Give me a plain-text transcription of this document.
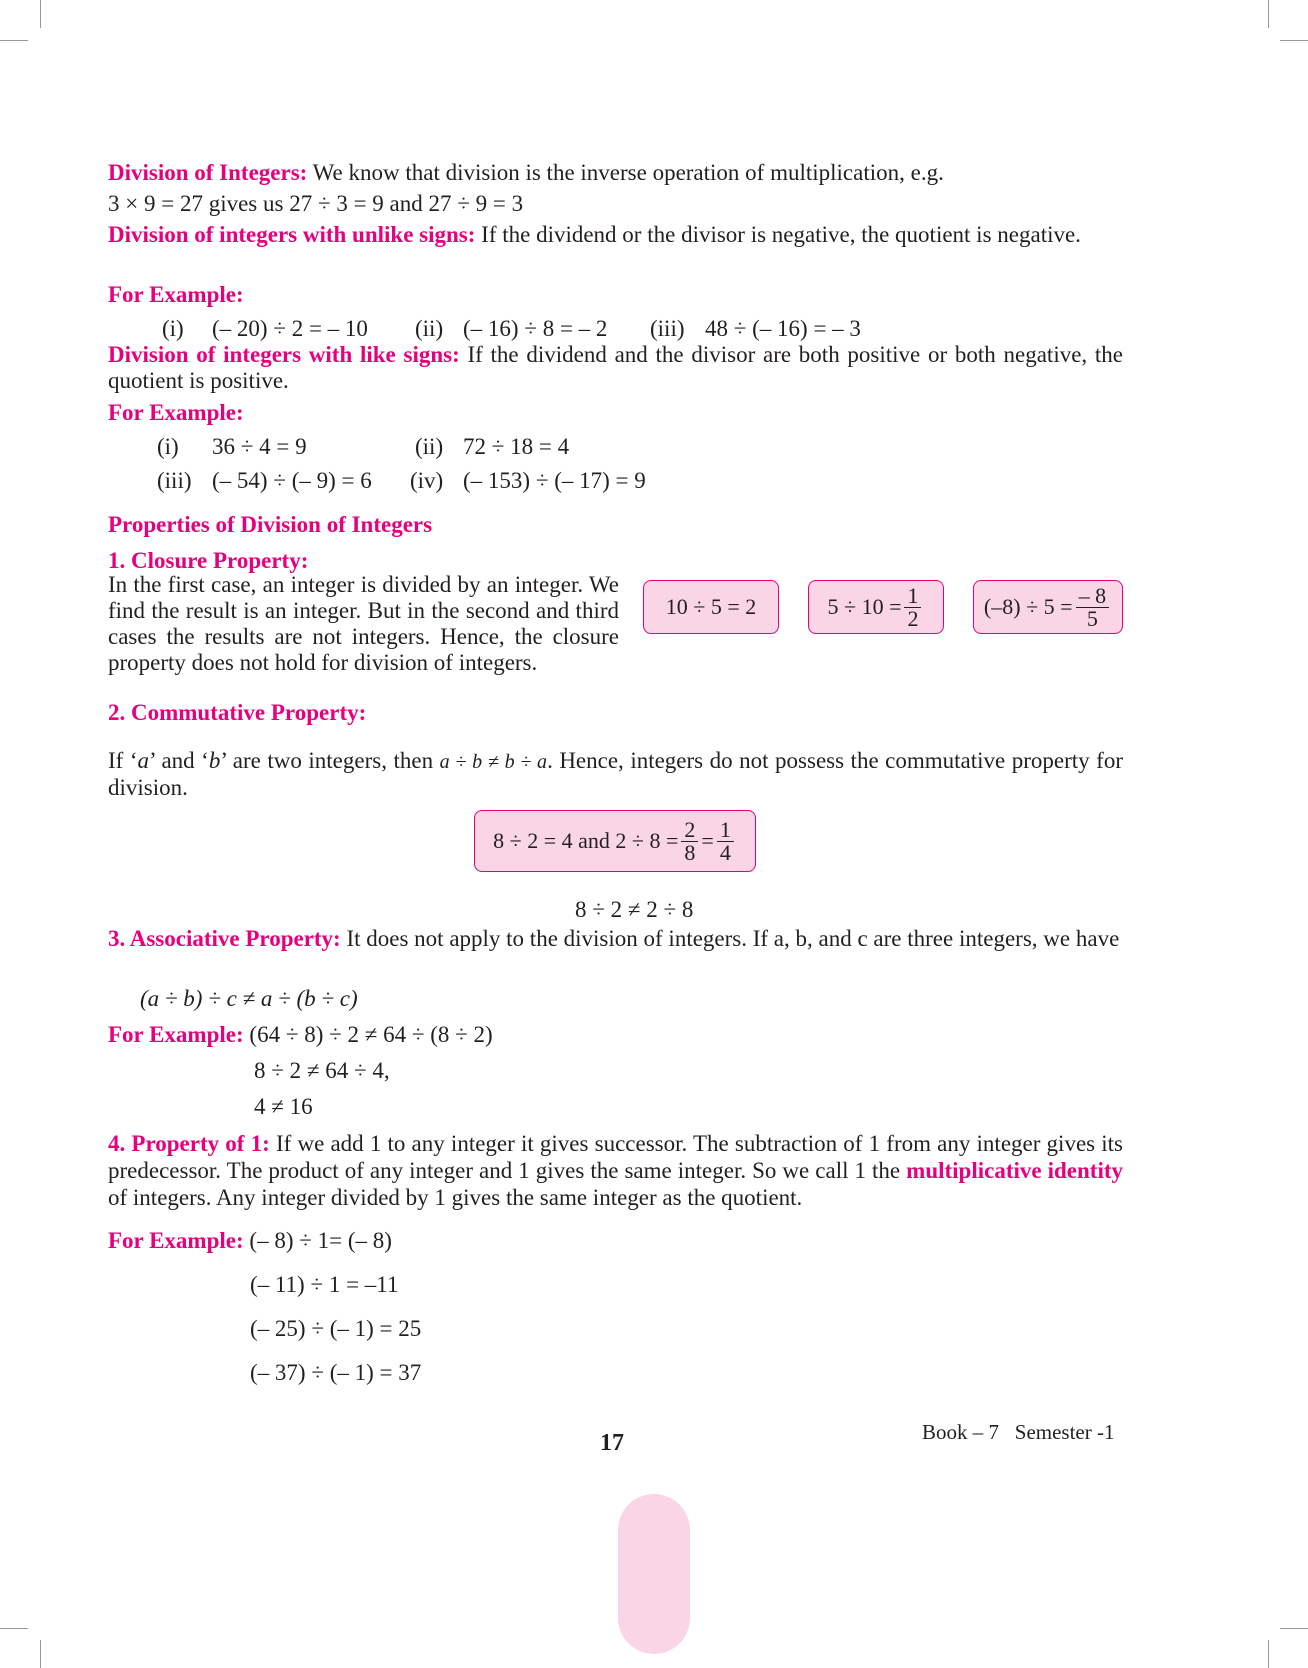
Division of Integers: We know that division is the inverse operation of multiplication, e.g.
3 × 9 = 27 gives us 27 ÷ 3 = 9 and 27 ÷ 9 = 3
Division of integers with unlike signs: If the dividend or the divisor is negative, the quotient is negative.
For Example:
(i) (– 20) ÷ 2 = – 10 (ii) (– 16) ÷ 8 = – 2 (iii) 48 ÷ (– 16) = – 3
Division of integers with like signs: If the dividend and the divisor are both positive or both negative, the quotient is positive.
For Example:
(i) 36 ÷ 4 = 9	(ii) 72 ÷ 18 = 4
(iii) (– 54) ÷ (– 9) = 6 (iv) (– 153) ÷ (– 17) = 9
Properties of Division of Integers
1. Closure Property:
In the first case, an integer is divided by an integer. We find the result is an integer. But in the second and third cases the results are not integers. Hence, the closure property does not hold for division of integers.
10 ÷ 5 = 2	$5 \div 10 = \frac{1}{2}$	$(-8) \div 5 = \frac{- 8}{5}$
2. Commutative Property:
If ‘a’ and ‘b’ are two integers, then a ÷ b ≠ b ÷ a. Hence, integers do not possess the commutative property for division.
8 ÷ 2 = 4 and $2 \div 8 = \frac{2}{8} = \frac{1}{4}$
8 ÷ 2 ≠ 2 ÷ 8
3. Associative Property: It does not apply to the division of integers. If a, b, and c are three integers, we have
(a ÷ b) ÷ c ≠ a ÷ (b ÷ c)
For Example: (64 ÷ 8) ÷ 2 ≠ 64 ÷ (8 ÷ 2)
8 ÷ 2 ≠ 64 ÷ 4,
4 ≠ 16
4. Property of 1: If we add 1 to any integer it gives successor. The subtraction of 1 from any integer gives its predecessor. The product of any integer and 1 gives the same integer. So we call 1 the multiplicative identity of integers. Any integer divided by 1 gives the same integer as the quotient.
For Example: (– 8) ÷ 1= (– 8)
(– 11) ÷ 1 = –11
(– 25) ÷ (– 1) = 25
(– 37) ÷ (– 1) = 37
17	Book – 7 Semester -1
